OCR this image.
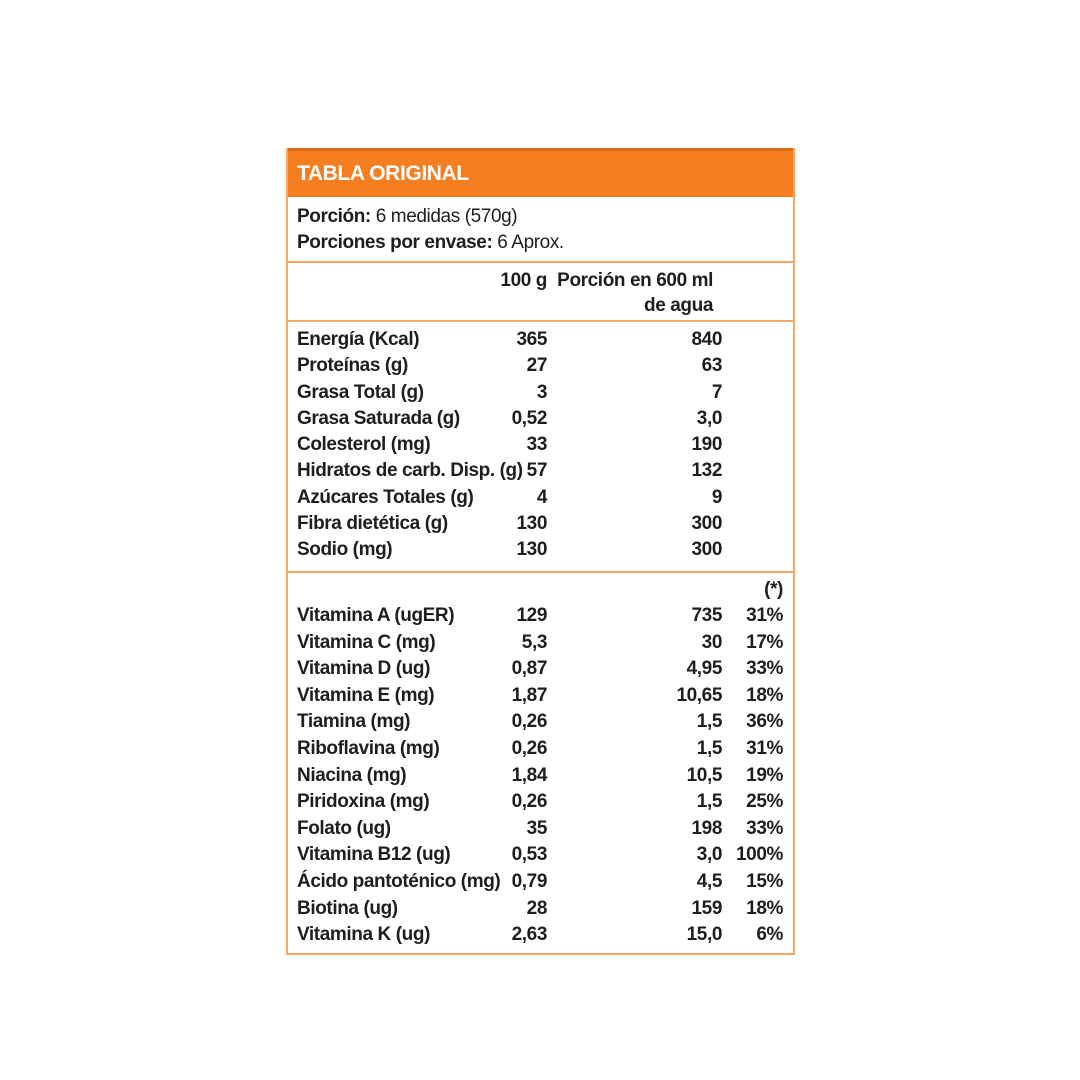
TABLA ORIGINAL
Porción: 6 medidas (570g)
Porciones por envase: 6 Aprox.
100 g Porción en 600 ml
de agua
Energía (Kcal)	365	840
Proteínas (g)	27	63
Grasa Total (g)	3	7
Grasa Saturada (g)	0,52	3,0
Colesterol (mg)	33	190
Hidratos de carb. Disp. (g) 57	132
Azúcares Totales (g)	4	9
Fibra dietética (g)	130	300
Sodio (mg)	130	300
(*)
Vitamina A (ugER)	129	735	31%
Vitamina C (mg)	5,3	30	17%
Vitamina D (ug)	0,87	4,95	33%
Vitamina E (mg)	1,87	10,65	18%
Tiamina (mg)	0,26	1,5	36%
Riboflavina (mg)	0,26	1,5	31%
Niacina (mg)	1,84	10,5	19%
Piridoxina (mg)	0,26	1,5	25%
Folato (ug)	35	198	33%
Vitamina B12 (ug)	0,53	3,0 100%
Ácido pantoténico (mg) 0,79	4,5	15%
Biotina (ug)	28	159	18%
Vitamina K (ug)	2,63	15,0	6%
